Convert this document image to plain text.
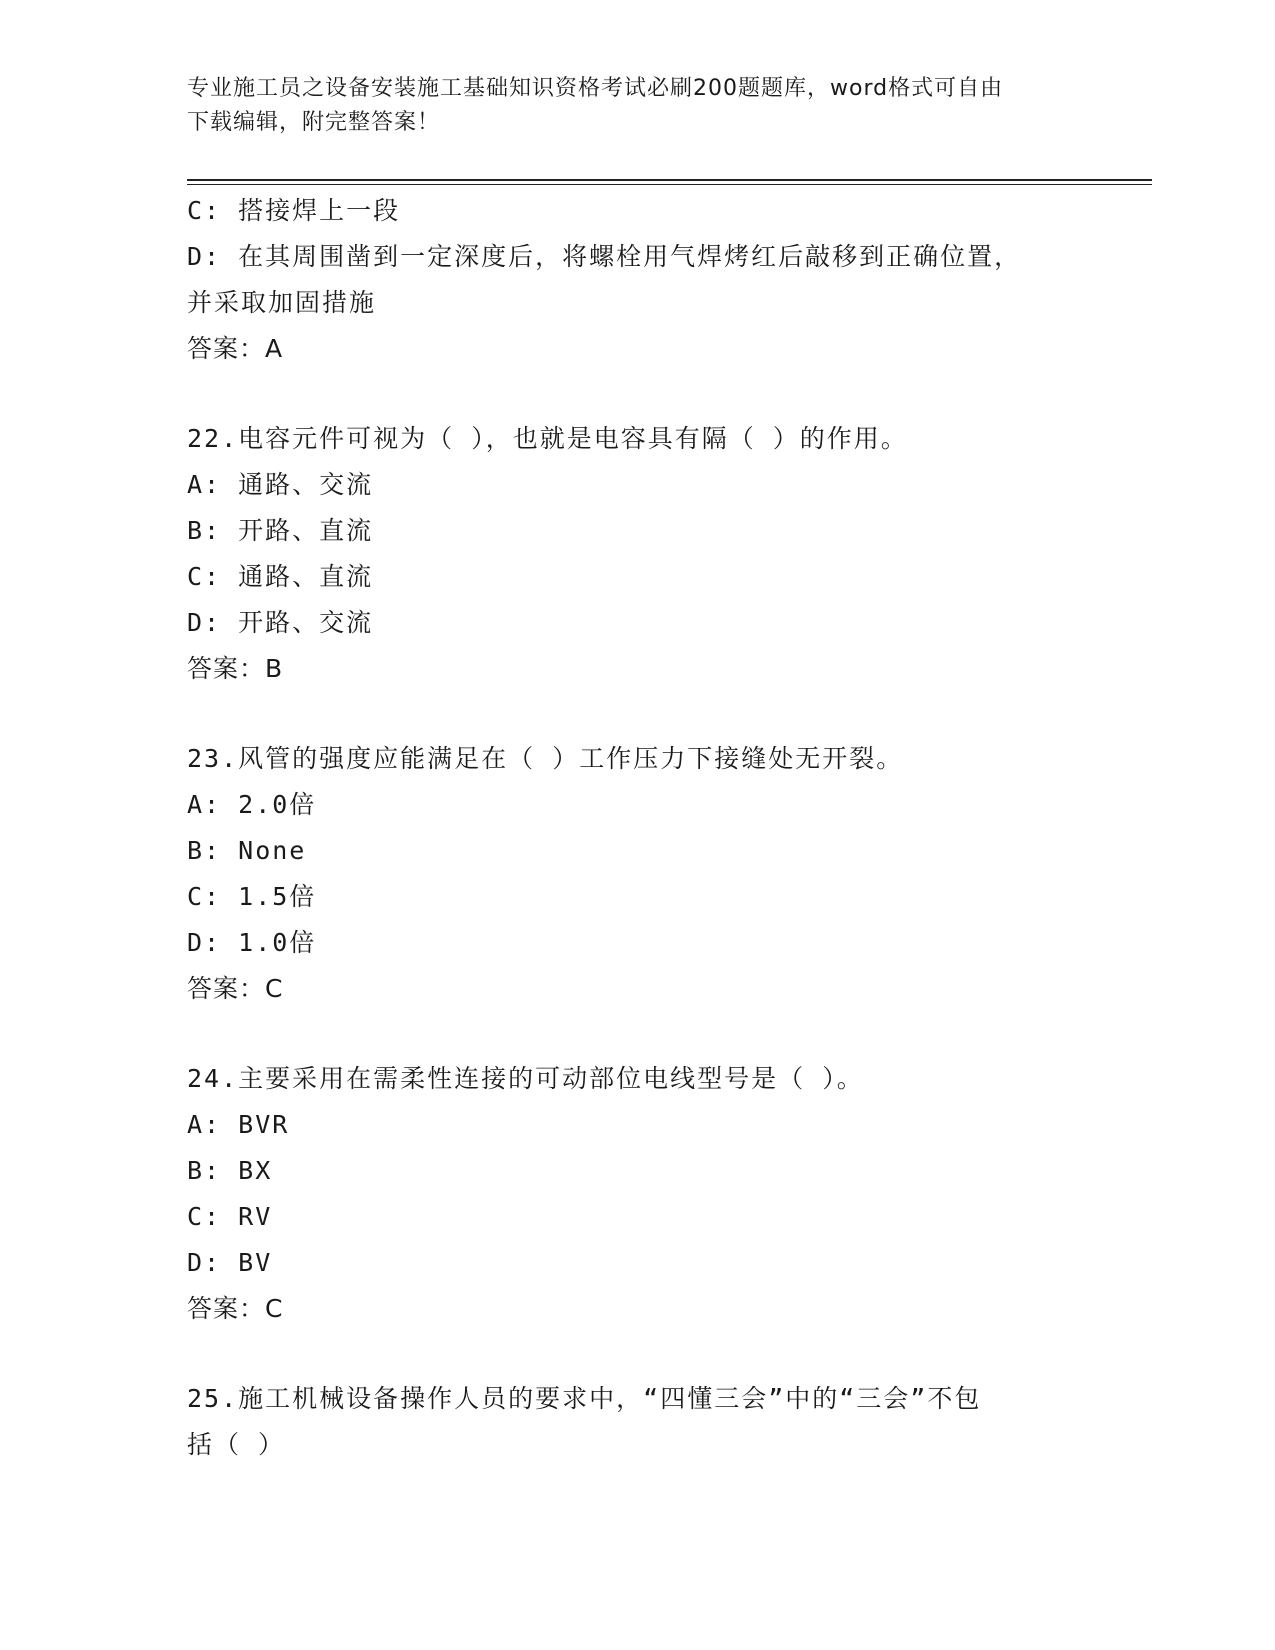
专业施工员之设备安装施工基础知识资格考试必刷200题题库，word格式可自由
下载编辑，附完整答案！
C: 搭接焊上一段
D: 在其周围凿到一定深度后，将螺栓用气焊烤红后敲移到正确位置，
并采取加固措施
答案：A
22.电容元件可视为（ ），也就是电容具有隔（ ）的作用。
A: 通路、交流
B: 开路、直流
C: 通路、直流
D: 开路、交流
答案：B
23.风管的强度应能满足在（ ）工作压力下接缝处无开裂。
A: 2.0倍
B: None
C: 1.5倍
D: 1.0倍
答案：C
24.主要采用在需柔性连接的可动部位电线型号是（ ）。
A: BVR
B: BX
C: RV
D: BV
答案：C
25.施工机械设备操作人员的要求中，“四懂三会”中的“三会”不包
括（ ）
